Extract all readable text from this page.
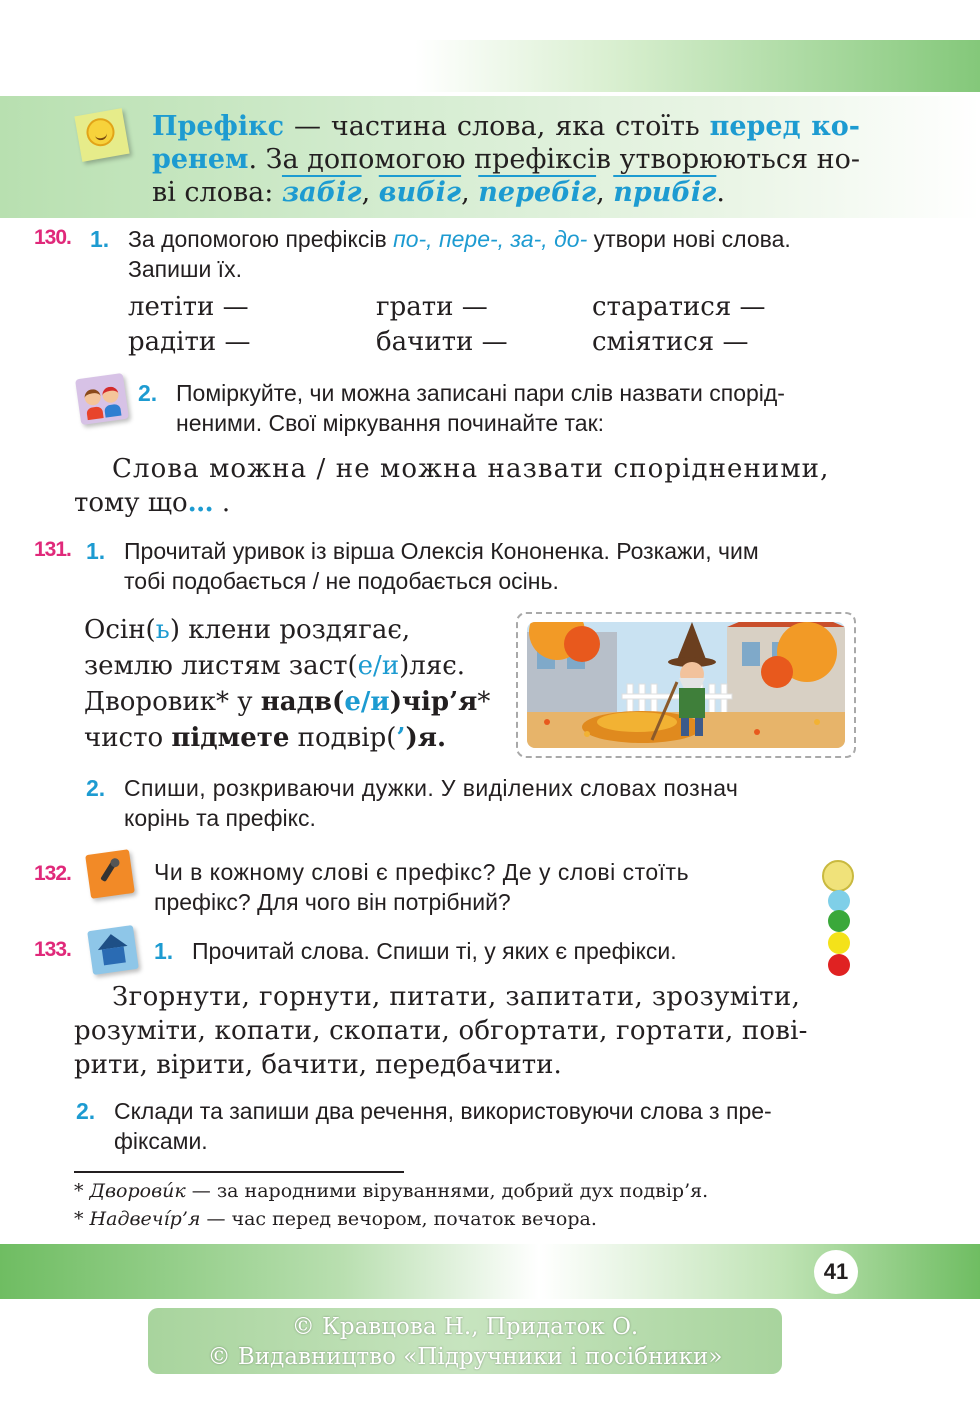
Префікс — частина слова, яка стоїть перед ко-ренем. За допомогою префіксів утворюються но-ві слова: забіг, вибіг, перебіг, прибіг.
130. 1. За допомогою префіксів по-, пере-, за-, до- утвори нові слова.
Запиши їх.
летіти —	грати —	старатися —
радіти —	бачити —	сміятися —
2. Поміркуйте, чи можна записані пари слів назвати спорід-
неними. Свої міркування починайте так:
Слова можна / не можна назвати спорідненими,
тому що… .
131. 1. Прочитай уривок із вірша Олексія Кононенка. Розкажи, чим
тобі подобається / не подобається осінь.
Осін(ь) клени роздягає,
землю листям заст(е/и)ляє.
Дворовик* у надв(е/и)чір’я*
чисто підмете подвір(’)я.
2. Спиши, розкриваючи дужки. У виділених словах познач
корінь та префікс.
132.	Чи в кожному слові є префікс? Де у слові стоїть
префікс? Для чого він потрібний?
133.	1. Прочитай слова. Спиши ті, у яких є префікси.
Згорнути, горнути, питати, запитати, зрозуміти,
розуміти, копати, скопати, обгортати, гортати, пові-
рити, вірити, бачити, передбачити.
2. Склади та запиши два речення, використовуючи слова з пре-
фіксами.
* Дворови́к — за народними віруваннями, добрий дух подвір’я.
* Надвечі́р’я — час перед вечором, початок вечора.
41
© Кравцова Н., Придаток О.
© Видавництво «Підручники і посібники»
